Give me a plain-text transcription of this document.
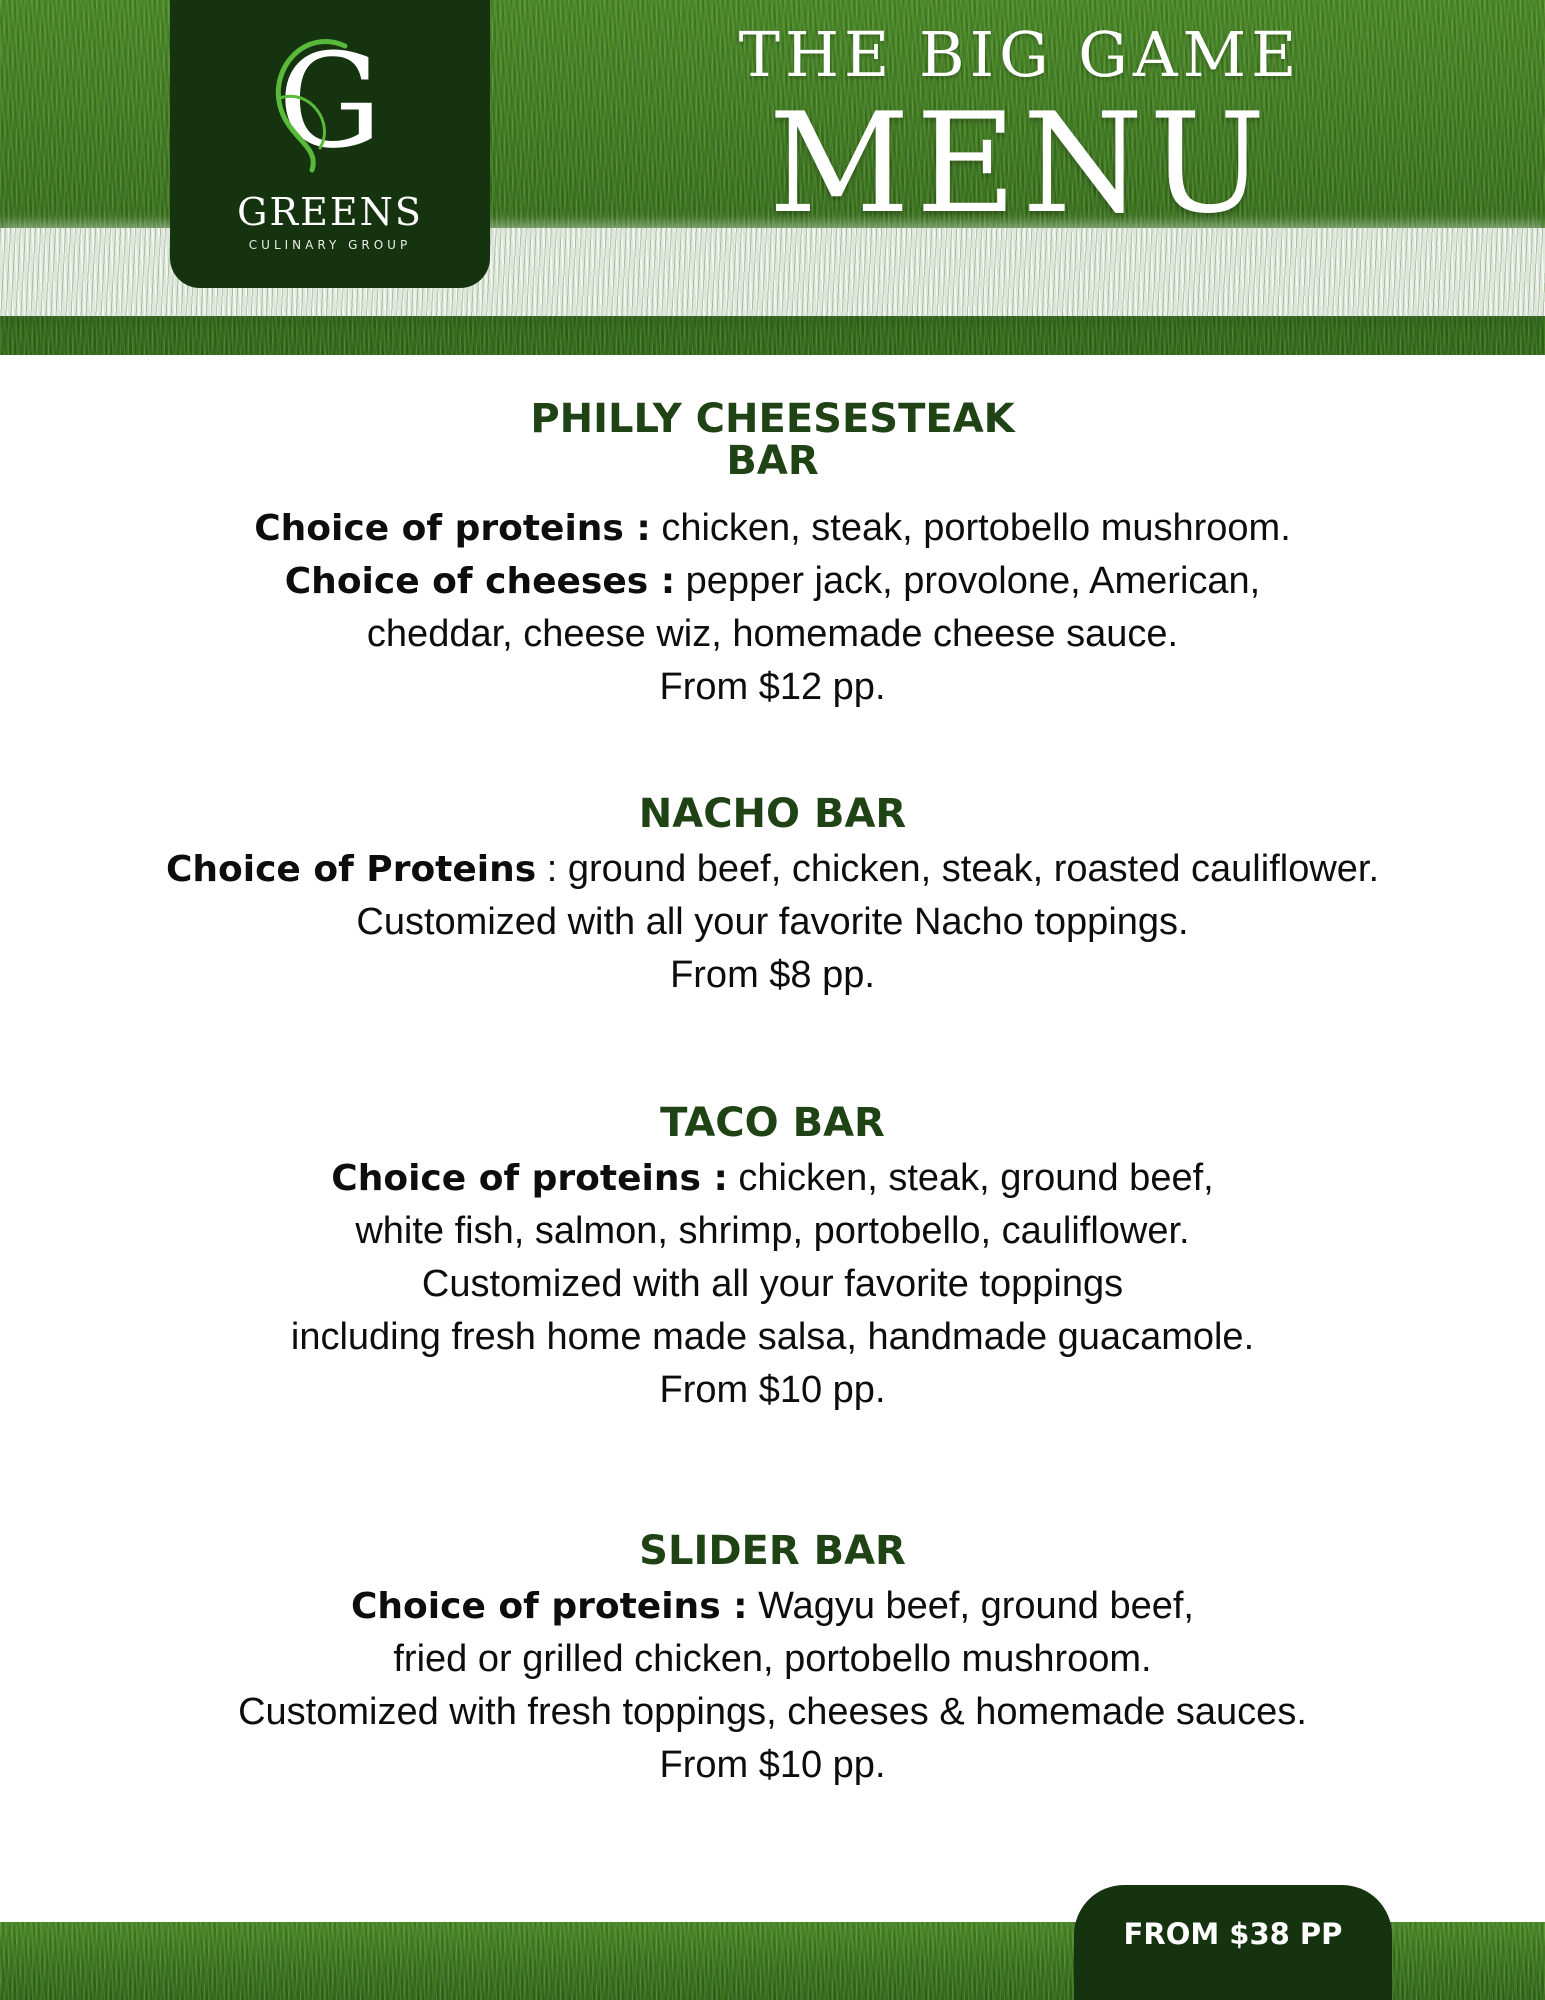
G
GREENS
CULINARY GROUP
THE BIG GAME
MENU
PHILLY CHEESESTEAK
BAR
Choice of proteins : chicken, steak, portobello mushroom.
Choice of cheeses : pepper jack, provolone, American,
cheddar, cheese wiz, homemade cheese sauce.
From $12 pp.
NACHO BAR
Choice of Proteins : ground beef, chicken, steak, roasted cauliflower.
Customized with all your favorite Nacho toppings.
From $8 pp.
TACO BAR
Choice of proteins : chicken, steak, ground beef,
white fish, salmon, shrimp, portobello, cauliflower.
Customized with all your favorite toppings
including fresh home made salsa, handmade guacamole.
From $10 pp.
SLIDER BAR
Choice of proteins : Wagyu beef, ground beef,
fried or grilled chicken, portobello mushroom.
Customized with fresh toppings, cheeses & homemade sauces.
From $10 pp.
FROM $38 PP
